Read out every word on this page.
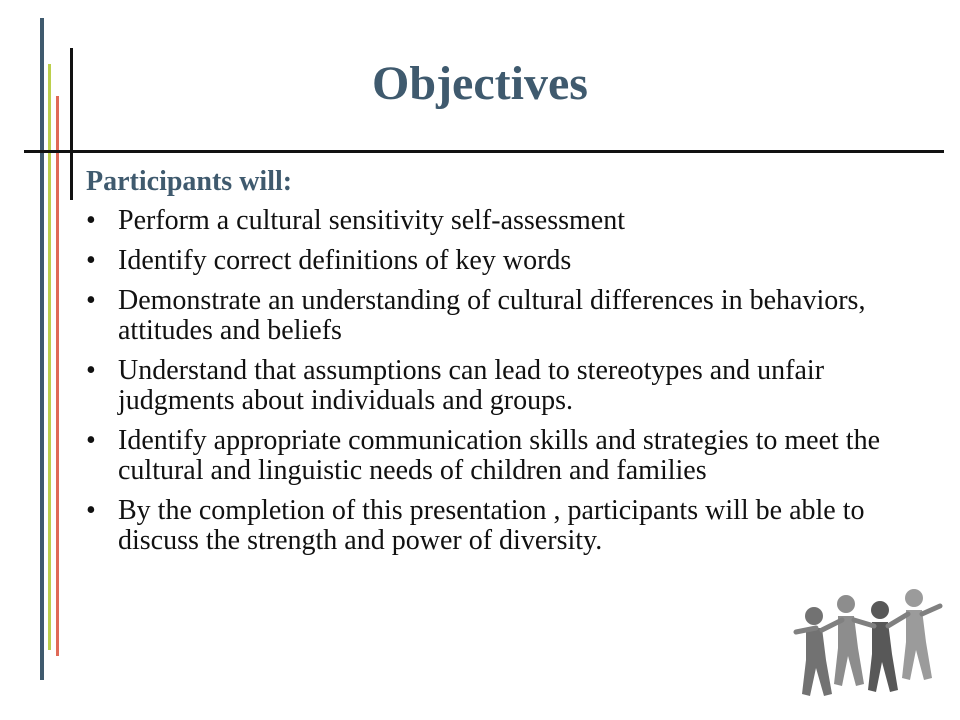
Objectives

Participants will:

• Perform a cultural sensitivity self-assessment
• Identify correct definitions of key words
• Demonstrate an understanding of cultural differences in behaviors, attitudes and beliefs
• Understand that assumptions can lead to stereotypes and unfair judgments about individuals and groups.
• Identify appropriate communication skills and strategies to meet the cultural and linguistic needs of children and families
• By the completion of this presentation , participants will be able to discuss the strength and power of diversity.
